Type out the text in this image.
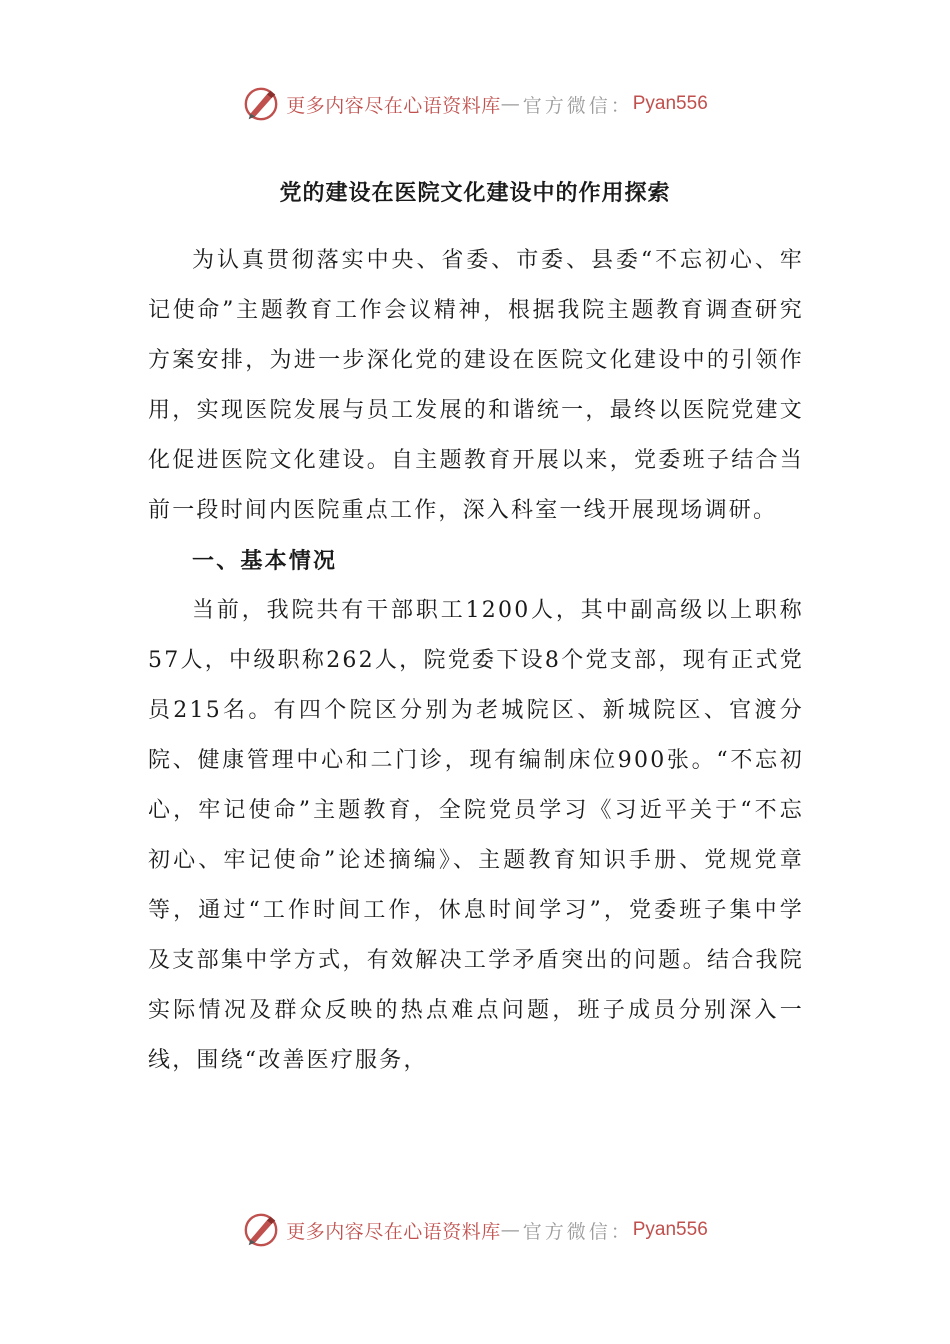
更多内容尽在心语资料库 — 官方微信： Pyan556
党的建设在医院文化建设中的作用探索

为认真贯彻落实中央、省委、市委、县委“不忘初心、牢记使命”主题教育工作会议精神，根据我院主题教育调查研究方案安排，为进一步深化党的建设在医院文化建设中的引领作用，实现医院发展与员工发展的和谐统一，最终以医院党建文化促进医院文化建设。自主题教育开展以来，党委班子结合当前一段时间内医院重点工作，深入科室一线开展现场调研。

一、基本情况

当前，我院共有干部职工1200人，其中副高级以上职称57人，中级职称262人，院党委下设8个党支部，现有正式党员215名。有四个院区分别为老城院区、新城院区、官渡分院、健康管理中心和二门诊，现有编制床位900张。“不忘初心，牢记使命”主题教育，全院党员学习《习近平关于“不忘初心、牢记使命”论述摘编》、主题教育知识手册、党规党章等，通过“工作时间工作，休息时间学习”，党委班子集中学及支部集中学方式，有效解决工学矛盾突出的问题。结合我院实际情况及群众反映的热点难点问题，班子成员分别深入一线，围绕“改善医疗服务，

更多内容尽在心语资料库 — 官方微信： Pyan556
